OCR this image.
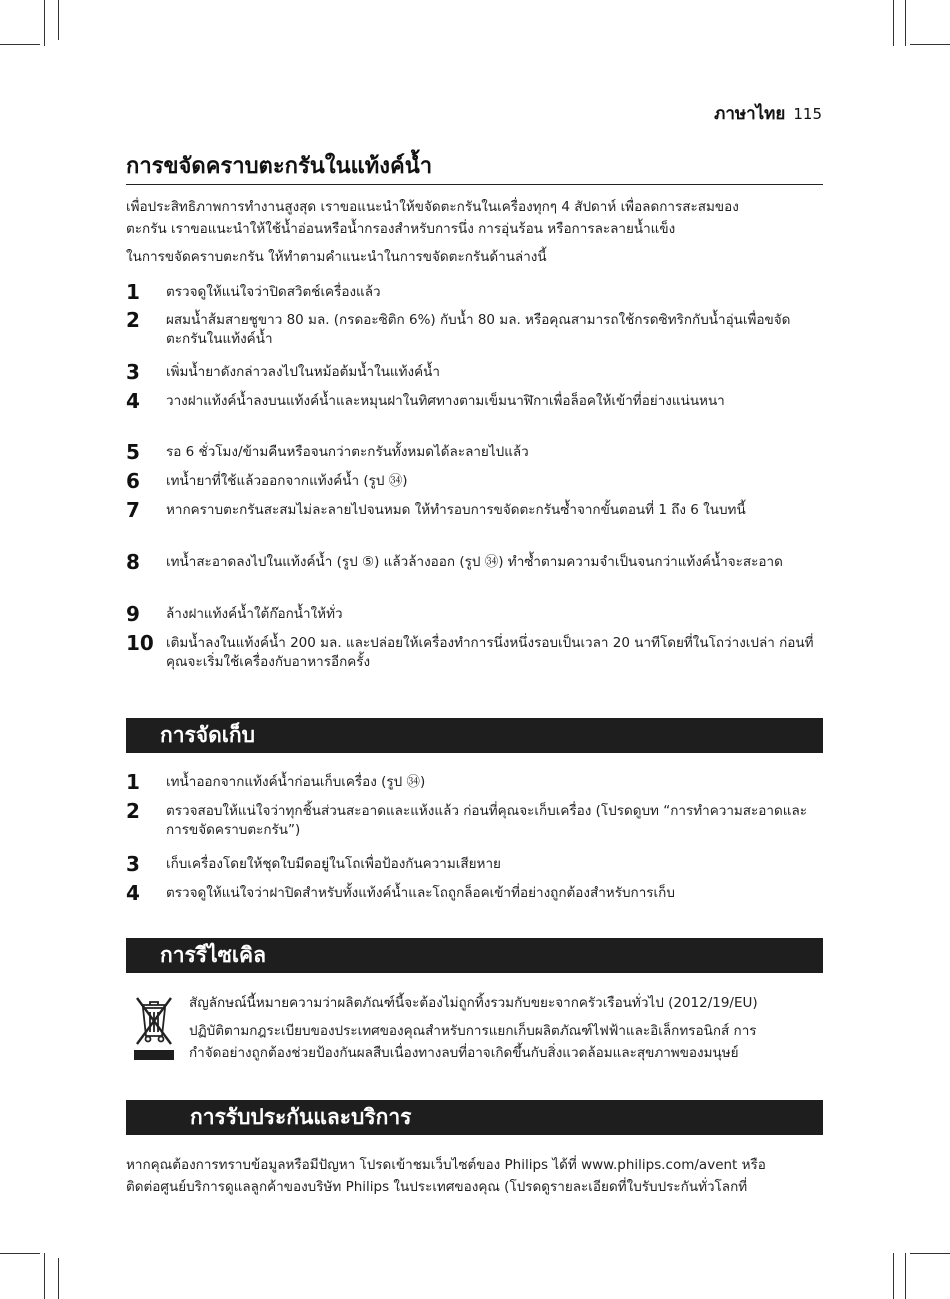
ภาษาไทย 115
การขจัดคราบตะกรันในแท้งค์น้ำ
เพื่อประสิทธิภาพการทำงานสูงสุด เราขอแนะนำให้ขจัดตะกรันในเครื่องทุกๆ 4 สัปดาห์ เพื่อลดการสะสมของ
ตะกรัน เราขอแนะนำให้ใช้น้ำอ่อนหรือน้ำกรองสำหรับการนึ่ง การอุ่นร้อน หรือการละลายน้ำแข็ง
ในการขจัดคราบตะกรัน ให้ทำตามคำแนะนำในการขจัดตะกรันด้านล่างนี้
1 ตรวจดูให้แน่ใจว่าปิดสวิตช์เครื่องแล้ว
2 ผสมน้ำส้มสายชูขาว 80 มล. (กรดอะซิติก 6%) กับน้ำ 80 มล. หรือคุณสามารถใช้กรดซิทริกกับน้ำอุ่นเพื่อขจัดตะกรันในแท้งค์น้ำ
3 เพิ่มน้ำยาดังกล่าวลงไปในหม้อต้มน้ำในแท้งค์น้ำ
4 วางฝาแท้งค์น้ำลงบนแท้งค์น้ำและหมุนฝาในทิศทางตามเข็มนาฬิกาเพื่อล็อคให้เข้าที่อย่างแน่นหนา
5 รอ 6 ชั่วโมง/ข้ามคืนหรือจนกว่าตะกรันทั้งหมดได้ละลายไปแล้ว
6 เทน้ำยาที่ใช้แล้วออกจากแท้งค์น้ำ (รูป ㉞)
7 หากคราบตะกรันสะสมไม่ละลายไปจนหมด ให้ทำรอบการขจัดตะกรันซ้ำจากขั้นตอนที่ 1 ถึง 6 ในบทนี้
8 เทน้ำสะอาดลงไปในแท้งค์น้ำ (รูป ⑤) แล้วล้างออก (รูป ㉞) ทำซ้ำตามความจำเป็นจนกว่าแท้งค์น้ำจะสะอาด
9 ล้างฝาแท้งค์น้ำใต้ก๊อกน้ำให้ทั่ว
10 เติมน้ำลงในแท้งค์น้ำ 200 มล. และปล่อยให้เครื่องทำการนึ่งหนึ่งรอบเป็นเวลา 20 นาทีโดยที่ในโถว่างเปล่า ก่อนที่คุณจะเริ่มใช้เครื่องกับอาหารอีกครั้ง
การจัดเก็บ
1 เทน้ำออกจากแท้งค์น้ำก่อนเก็บเครื่อง (รูป ㉞)
2 ตรวจสอบให้แน่ใจว่าทุกชิ้นส่วนสะอาดและแห้งแล้ว ก่อนที่คุณจะเก็บเครื่อง (โปรดดูบท “การทำความสะอาดและการขจัดคราบตะกรัน”)
3 เก็บเครื่องโดยให้ชุดใบมีดอยู่ในโถเพื่อป้องกันความเสียหาย
4 ตรวจดูให้แน่ใจว่าฝาปิดสำหรับทั้งแท้งค์น้ำและโถถูกล็อคเข้าที่อย่างถูกต้องสำหรับการเก็บ
การรีไซเคิล
สัญลักษณ์นี้หมายความว่าผลิตภัณฑ์นี้จะต้องไม่ถูกทิ้งรวมกับขยะจากครัวเรือนทั่วไป (2012/19/EU)
ปฏิบัติตามกฎระเบียบของประเทศของคุณสำหรับการแยกเก็บผลิตภัณฑ์ไฟฟ้าและอิเล็กทรอนิกส์ การ
กำจัดอย่างถูกต้องช่วยป้องกันผลสืบเนื่องทางลบที่อาจเกิดขึ้นกับสิ่งแวดล้อมและสุขภาพของมนุษย์
การรับประกันและบริการ
หากคุณต้องการทราบข้อมูลหรือมีปัญหา โปรดเข้าชมเว็บไซต์ของ Philips ได้ที่ www.philips.com/avent หรือ
ติดต่อศูนย์บริการดูแลลูกค้าของบริษัท Philips ในประเทศของคุณ (โปรดดูรายละเอียดที่ใบรับประกันทั่วโลกที่
